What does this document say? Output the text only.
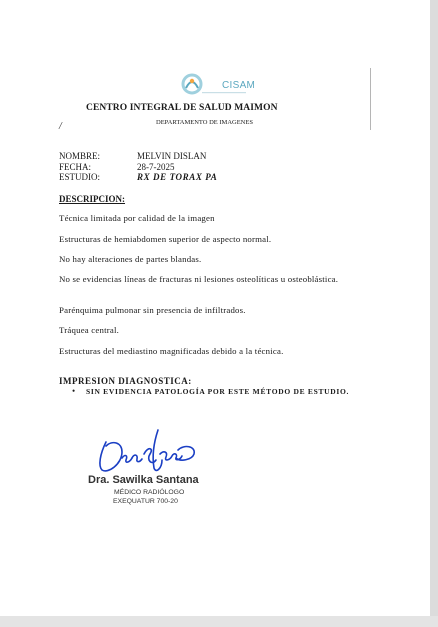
CISAM
CENTRO INTEGRAL DE SALUD MAIMON
DEPARTAMENTO DE IMAGENES
/
NOMBRE:	MELVIN DISLAN
FECHA:	28-7-2025
ESTUDIO:	RX DE TORAX PA
DESCRIPCION:
Técnica limitada por calidad de la imagen
Estructuras de hemiabdomen superior de aspecto normal.
No hay alteraciones de partes blandas.
No se evidencias líneas de fracturas ni lesiones osteolíticas u osteoblástica.
Parénquima pulmonar sin presencia de infiltrados.
Tráquea central.
Estructuras del mediastino magnificadas debido a la técnica.
IMPRESION DIAGNOSTICA:
• SIN EVIDENCIA PATOLOGÍA POR ESTE MÉTODO DE ESTUDIO.
Dra. Sawilka Santana
MÉDICO RADIÓLOGO
EXEQUATUR 700-20
